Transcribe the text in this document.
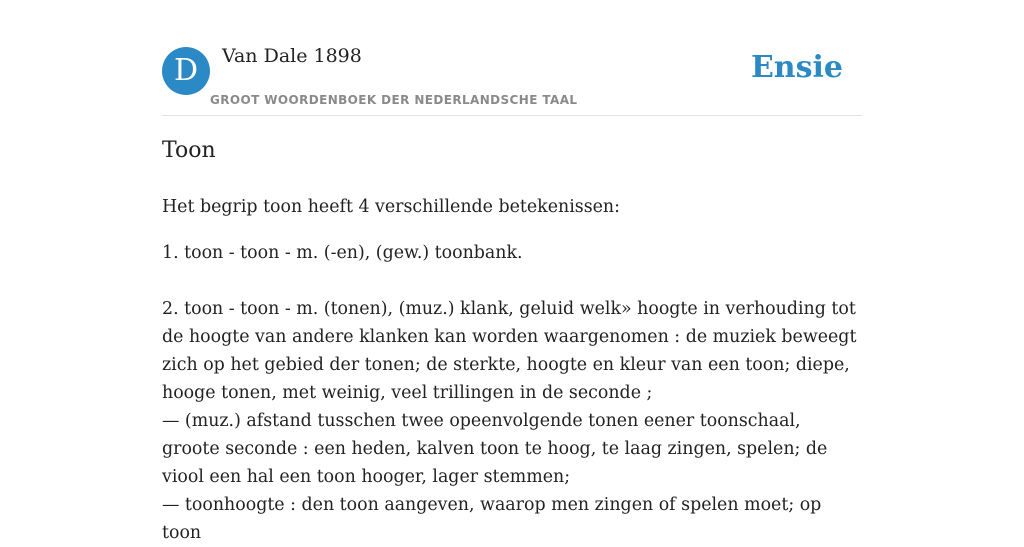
D	Van Dale 1898
GROOT WOORDENBOEK DER NEDERLANDSCHE TAAL
Ensie
Toon

Het begrip toon heeft 4 verschillende betekenissen:

1. toon - toon - m. (-en), (gew.) toonbank.

2. toon - toon - m. (tonen), (muz.) klank, geluid welk» hoogte in verhouding tot de hoogte van andere klanken kan worden waargenomen : de muziek beweegt zich op het gebied der tonen; de sterkte, hoogte en kleur van een toon; diepe, hooge tonen, met weinig, veel trillingen in de seconde ;

— (muz.) afstand tusschen twee opeenvolgende tonen eener toonschaal, groote seconde : een heden, kalven toon te hoog, te laag zingen, spelen; de viool een hal een toon hooger, lager stemmen;

— toonhoogte : den toon aangeven, waarop men zingen of spelen moet; op toon
